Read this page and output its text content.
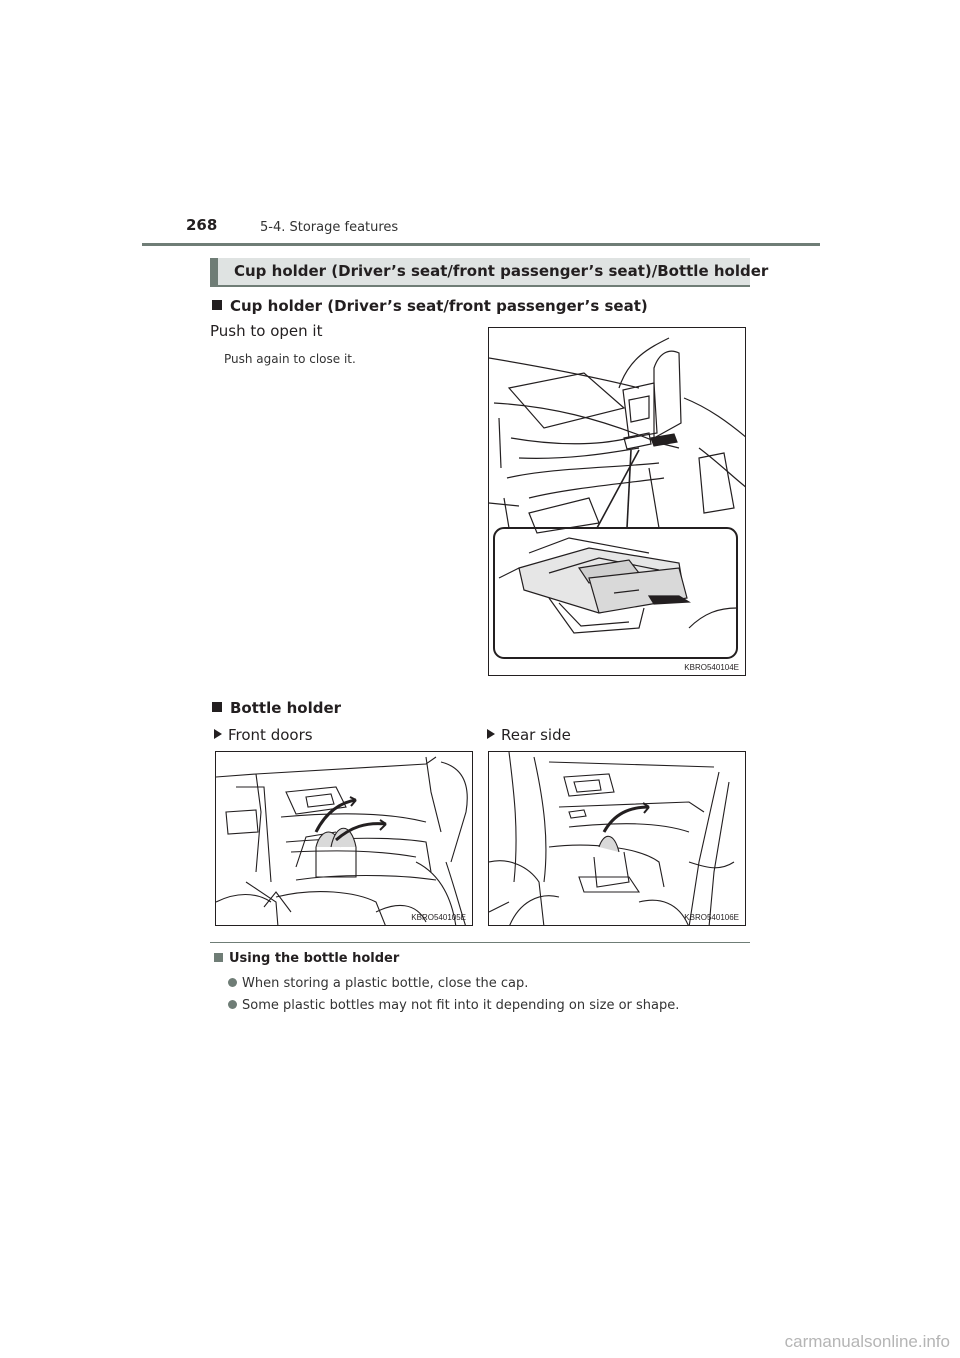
268	5-4. Storage features
Cup holder (Driver’s seat/front passenger’s seat)/Bottle holder
Cup holder (Driver’s seat/front passenger’s seat)
Push to open it
Push again to close it.
KBRO540104E
Bottle holder
Front doors	Rear side
KBRO540105E	KBRO540106E
Using the bottle holder
When storing a plastic bottle, close the cap.
Some plastic bottles may not fit into it depending on size or shape.
carmanualsonline.info
